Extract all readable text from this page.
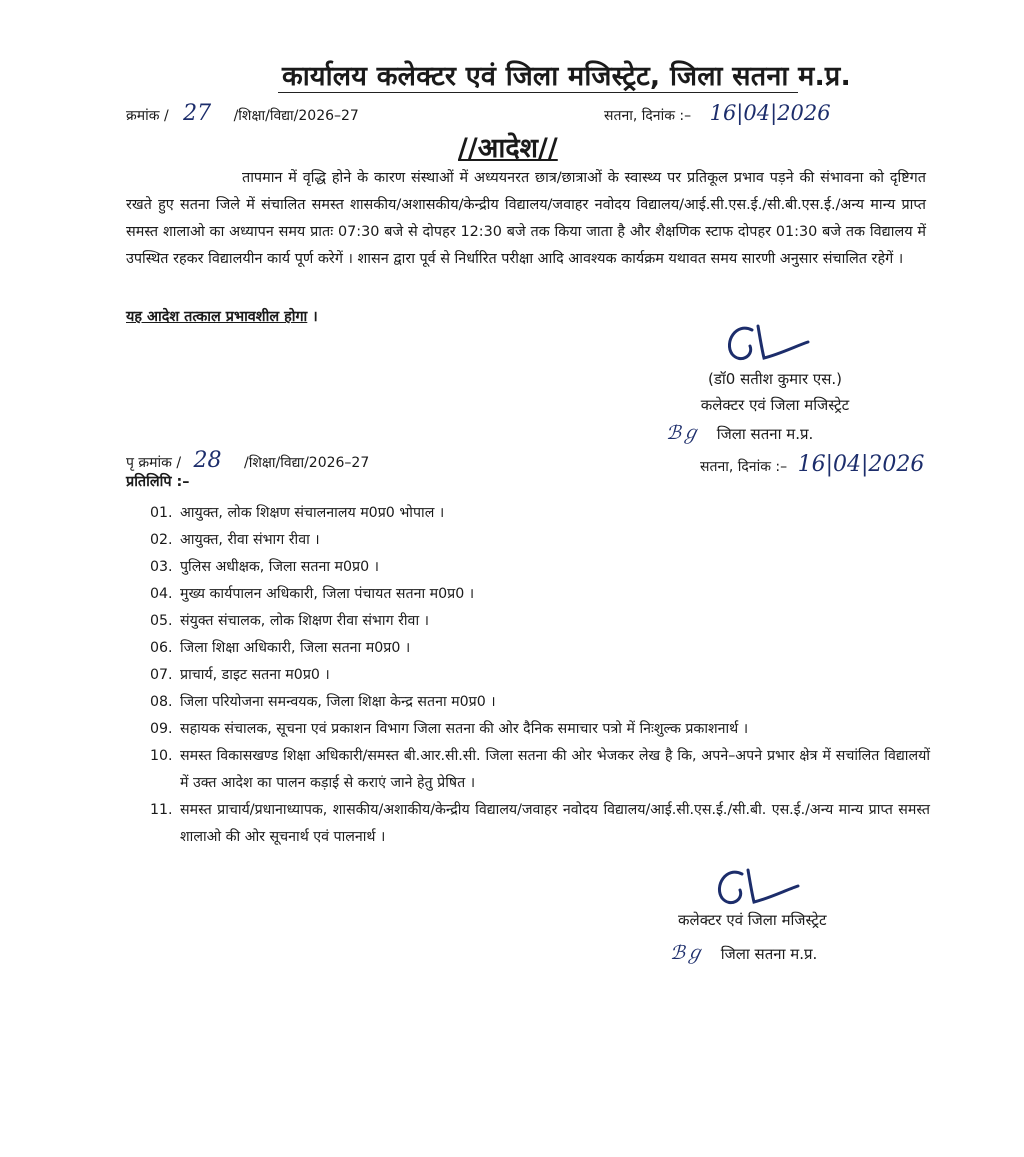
कार्यालय कलेक्टर एवं जिला मजिस्ट्रेट, जिला सतना म.प्र.
क्रमांक / 27 /शिक्षा/विद्या/2026–27	सतना, दिनांक :– 16|04|2026
//आदेश//
तापमान में वृद्धि होने के कारण संस्थाओं में अध्ययनरत छात्र/छात्राओं के स्वास्थ्य पर प्रतिकूल प्रभाव पड़ने की संभावना को दृष्टिगत रखते हुए सतना जिले में संचालित समस्त शासकीय/अशासकीय/केन्द्रीय विद्यालय/जवाहर नवोदय विद्यालय/आई.सी.एस.ई./सी.बी.एस.ई./अन्य मान्य प्राप्त समस्त शालाओ का अध्यापन समय प्रातः 07:30 बजे से दोपहर 12:30 बजे तक किया जाता है और शैक्षणिक स्टाफ दोपहर 01:30 बजे तक विद्यालय में उपस्थित रहकर विद्यालयीन कार्य पूर्ण करेगें । शासन द्वारा पूर्व से निर्धारित परीक्षा आदि आवश्यक कार्यक्रम यथावत समय सारणी अनुसार संचालित रहेगें ।
यह आदेश तत्काल प्रभावशील होगा ।
(डॉ0 सतीश कुमार एस.)
कलेक्टर एवं जिला मजिस्ट्रेट
ℬℊ जिला सतना म.प्र.
पृ क्रमांक / 28 /शिक्षा/विद्या/2026–27	सतना, दिनांक :– 16|04|2026
प्रतिलिपि :–
01. आयुक्त, लोक शिक्षण संचालनालय म0प्र0 भोपाल ।
02. आयुक्त, रीवा संभाग रीवा ।
03. पुलिस अधीक्षक, जिला सतना म0प्र0 ।
04. मुख्य कार्यपालन अधिकारी, जिला पंचायत सतना म0प्र0 ।
05. संयुक्त संचालक, लोक शिक्षण रीवा संभाग रीवा ।
06. जिला शिक्षा अधिकारी, जिला सतना म0प्र0 ।
07. प्राचार्य, डाइट सतना म0प्र0 ।
08. जिला परियोजना समन्वयक, जिला शिक्षा केन्द्र सतना म0प्र0 ।
09. सहायक संचालक, सूचना एवं प्रकाशन विभाग जिला सतना की ओर दैनिक समाचार पत्रो में निःशुल्क प्रकाशनार्थ ।
10. समस्त विकासखण्ड शिक्षा अधिकारी/समस्त बी.आर.सी.सी. जिला सतना की ओर भेजकर लेख है कि, अपने–अपने प्रभार क्षेत्र में सचांलित विद्यालयों में उक्त आदेश का पालन कड़ाई से कराएं जाने हेतु प्रेषित ।
11. समस्त प्राचार्य/प्रधानाध्यापक, शासकीय/अशाकीय/केन्द्रीय विद्यालय/जवाहर नवोदय विद्यालय/आई.सी.एस.ई./सी.बी. एस.ई./अन्य मान्य प्राप्त समस्त शालाओ की ओर सूचनार्थ एवं पालनार्थ ।
कलेक्टर एवं जिला मजिस्ट्रेट
ℬℊ जिला सतना म.प्र.
